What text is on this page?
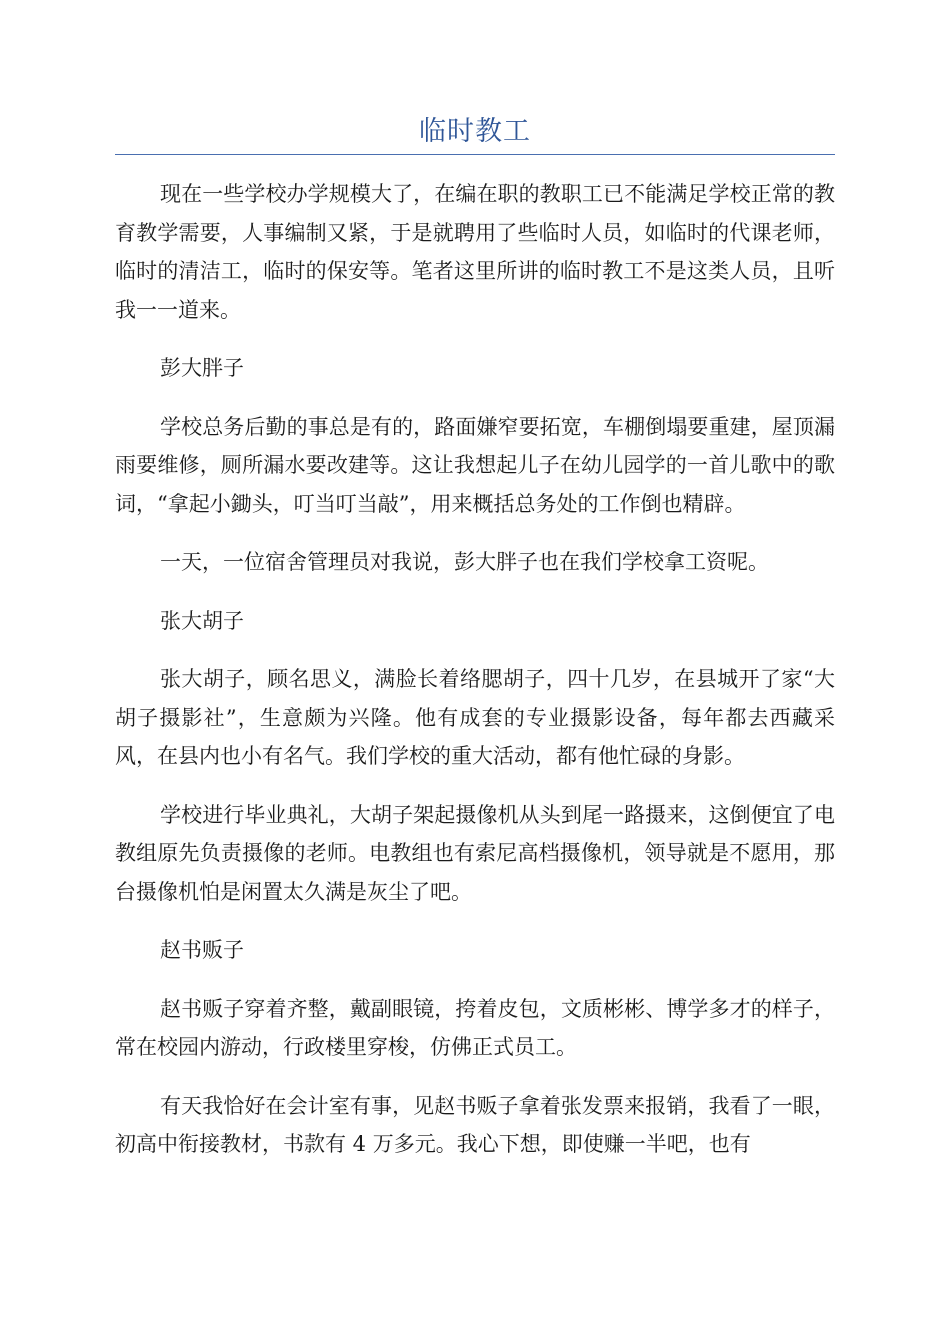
临时教工

现在一些学校办学规模大了，在编在职的教职工已不能满足学校正常的教育教学需要，人事编制又紧，于是就聘用了些临时人员，如临时的代课老师，临时的清洁工，临时的保安等。笔者这里所讲的临时教工不是这类人员，且听我一一道来。

彭大胖子

学校总务后勤的事总是有的，路面嫌窄要拓宽，车棚倒塌要重建，屋顶漏雨要维修，厕所漏水要改建等。这让我想起儿子在幼儿园学的一首儿歌中的歌词，“拿起小鋤头，叮当叮当敲”，用来概括总务处的工作倒也精辟。

一天，一位宿舍管理员对我说，彭大胖子也在我们学校拿工资呢。

张大胡子

张大胡子，顾名思义，满脸长着络腮胡子，四十几岁，在县城开了家“大胡子摄影社”，生意颇为兴隆。他有成套的专业摄影设备，每年都去西藏采风，在县内也小有名气。我们学校的重大活动，都有他忙碌的身影。

学校进行毕业典礼，大胡子架起摄像机从头到尾一路摄来，这倒便宜了电教组原先负责摄像的老师。电教组也有索尼高档摄像机，领导就是不愿用，那台摄像机怕是闲置太久满是灰尘了吧。

赵书贩子

赵书贩子穿着齐整，戴副眼镜，挎着皮包，文质彬彬、博学多才的样子，常在校园内游动，行政楼里穿梭，仿佛正式员工。

有天我恰好在会计室有事，见赵书贩子拿着张发票来报销，我看了一眼，初高中衔接教材，书款有 4 万多元。我心下想，即使赚一半吧，也有
